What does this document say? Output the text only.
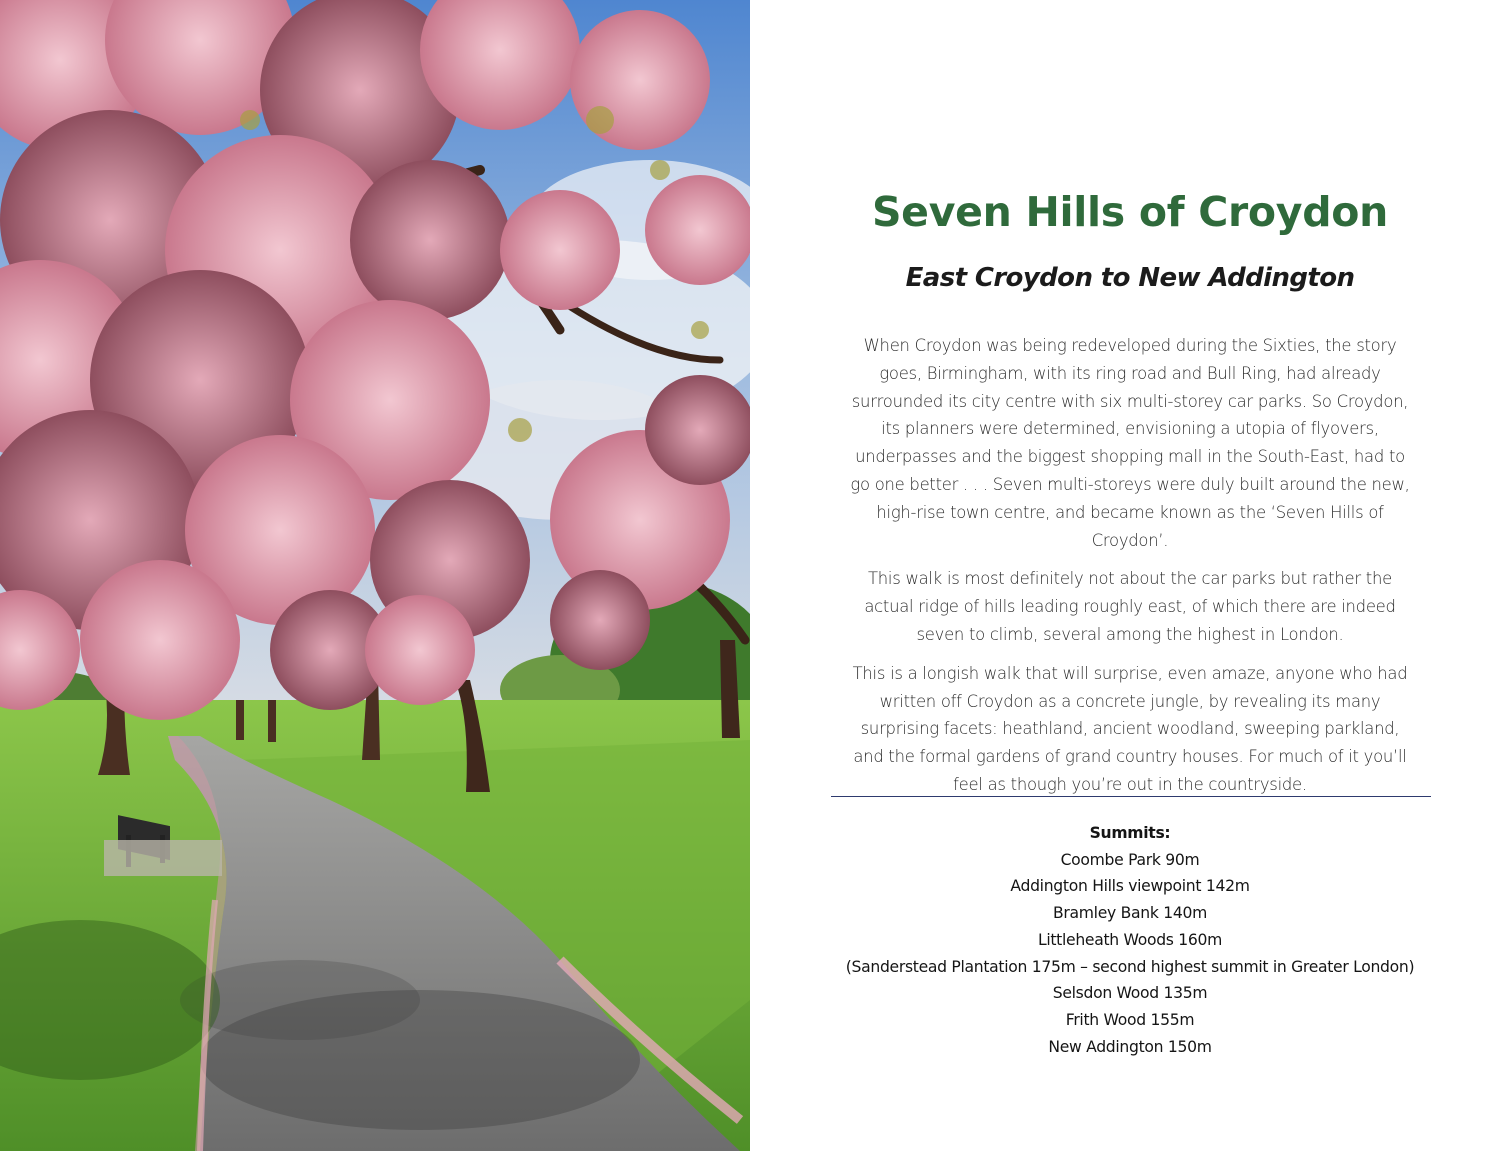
Seven Hills of Croydon
East Croydon to New Addington

When Croydon was being redeveloped during the Sixties, the story goes, Birmingham, with its ring road and Bull Ring, had already surrounded its city centre with six multi-storey car parks. So Croydon, its planners were determined, envisioning a utopia of flyovers, underpasses and the biggest shopping mall in the South-East, had to go one better . . . Seven multi-storeys were duly built around the new, high-rise town centre, and became known as the ‘Seven Hills of Croydon’.

This walk is most definitely not about the car parks but rather the actual ridge of hills leading roughly east, of which there are indeed seven to climb, several among the highest in London.

This is a longish walk that will surprise, even amaze, anyone who had written off Croydon as a concrete jungle, by revealing its many surprising facets: heathland, ancient woodland, sweeping parkland, and the formal gardens of grand country houses. For much of it you’ll feel as though you’re out in the countryside.

Summits:
Coombe Park 90m
Addington Hills viewpoint 142m
Bramley Bank 140m
Littleheath Woods 160m
(Sanderstead Plantation 175m – second highest summit in Greater London)
Selsdon Wood 135m
Frith Wood 155m
New Addington 150m
